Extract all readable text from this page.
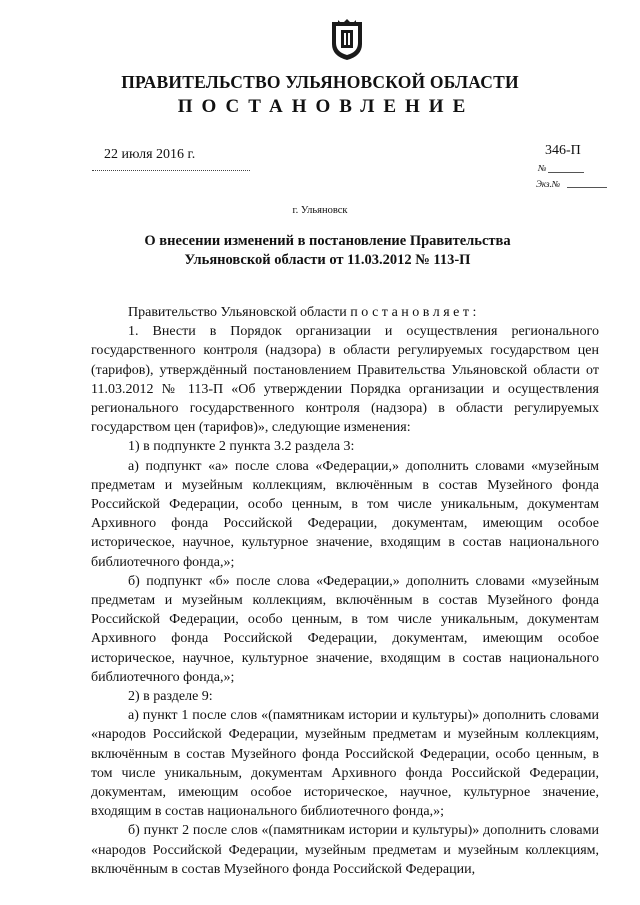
ПРАВИТЕЛЬСТВО УЛЬЯНОВСКОЙ ОБЛАСТИ
ПОСТАНОВЛЕНИЕ
22 июля 2016 г.	346-П
№
Экз.№
г. Ульяновск
О внесении изменений в постановление Правительства
Ульяновской области от 11.03.2012 № 113-П

Правительство Ульяновской области постановляет:

1. Внести в Порядок организации и осуществления регионального государственного контроля (надзора) в области регулируемых государством цен (тарифов), утверждённый постановлением Правительства Ульяновской области от 11.03.2012 № 113-П «Об утверждении Порядка организации и осуществления регионального государственного контроля (надзора) в области регулируемых государством цен (тарифов)», следующие изменения:

1) в подпункте 2 пункта 3.2 раздела 3:

а) подпункт «а» после слова «Федерации,» дополнить словами «музейным предметам и музейным коллекциям, включённым в состав Музейного фонда Российской Федерации, особо ценным, в том числе уникальным, документам Архивного фонда Российской Федерации, документам, имеющим особое историческое, научное, культурное значение, входящим в состав национального библиотечного фонда,»;

б) подпункт «б» после слова «Федерации,» дополнить словами «музейным предметам и музейным коллекциям, включённым в состав Музейного фонда Российской Федерации, особо ценным, в том числе уникальным, документам Архивного фонда Российской Федерации, документам, имеющим особое историческое, научное, культурное значение, входящим в состав национального библиотечного фонда,»;

2) в разделе 9:

а) пункт 1 после слов «(памятникам истории и культуры)» дополнить словами «народов Российской Федерации, музейным предметам и музейным коллекциям, включённым в состав Музейного фонда Российской Федерации, особо ценным, в том числе уникальным, документам Архивного фонда Российской Федерации, документам, имеющим особое историческое, научное, культурное значение, входящим в состав национального библиотечного фонда,»;

б) пункт 2 после слов «(памятникам истории и культуры)» дополнить словами «народов Российской Федерации, музейным предметам и музейным коллекциям, включённым в состав Музейного фонда Российской Федерации,
